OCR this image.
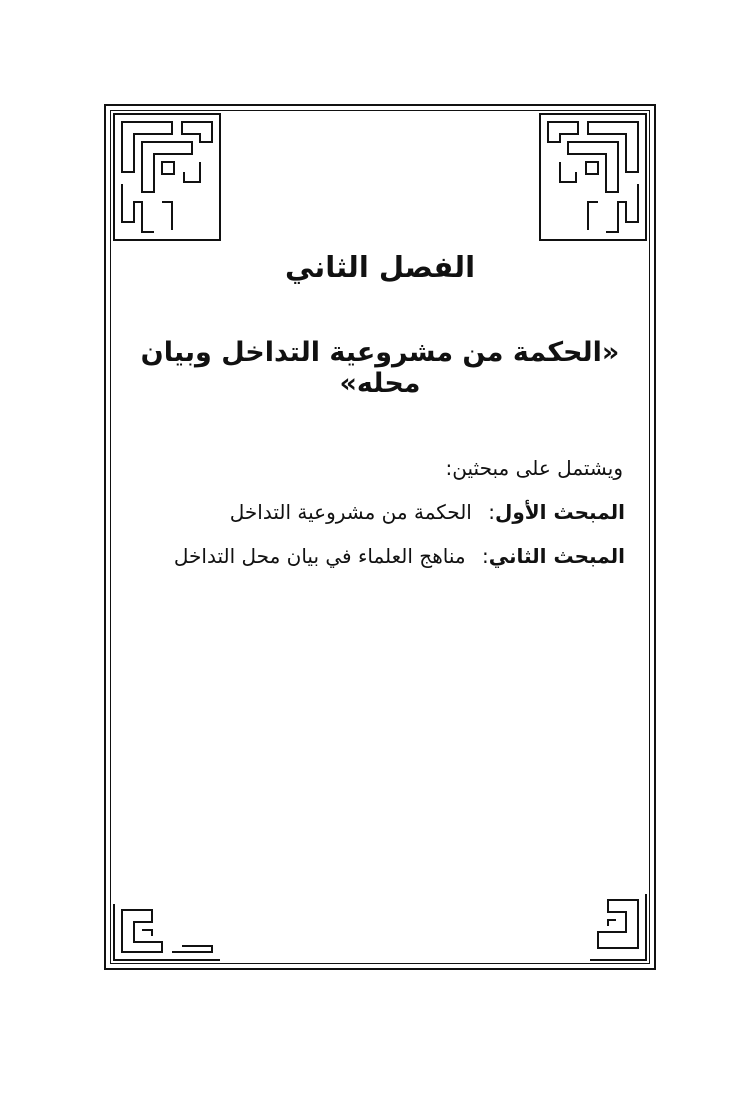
الفصل الثاني
«الحكمة من مشروعية التداخل وبيان محله»
ويشتمل على مبحثين:
المبحث الأول: الحكمة من مشروعية التداخل
المبحث الثاني: مناهج العلماء في بيان محل التداخل
